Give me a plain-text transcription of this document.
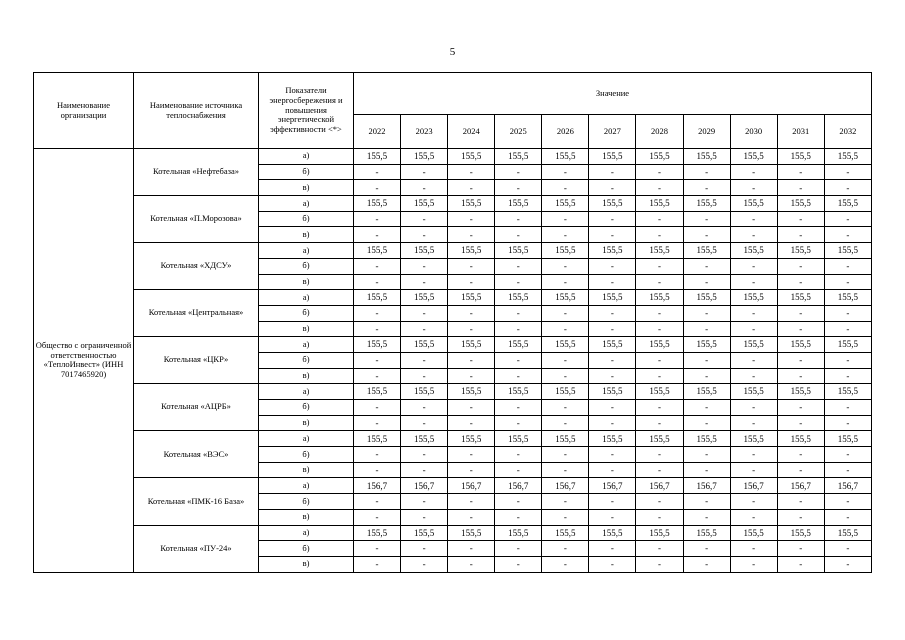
5
Наименование организации	Наименование источника теплоснабжения	Показатели энергосбережения и повышения энергетической эффективности <*>	Значение										
			2022	2023	2024	2025	2026	2027	2028	2029	2030	2031	2032
Общество с ограниченной ответственностью «ТеплоИнвест» (ИНН 7017465920)	Котельная «Нефтебаза»	а)	155,5	155,5	155,5	155,5	155,5	155,5	155,5	155,5	155,5	155,5	155,5
		б)	-	-	-	-	-	-	-	-	-	-	-
		в)	-	-	-	-	-	-	-	-	-	-	-
	Котельная «П.Морозова»	а)	155,5	155,5	155,5	155,5	155,5	155,5	155,5	155,5	155,5	155,5	155,5
		б)	-	-	-	-	-	-	-	-	-	-	-
		в)	-	-	-	-	-	-	-	-	-	-	-
	Котельная «ХДСУ»	а)	155,5	155,5	155,5	155,5	155,5	155,5	155,5	155,5	155,5	155,5	155,5
		б)	-	-	-	-	-	-	-	-	-	-	-
		в)	-	-	-	-	-	-	-	-	-	-	-
	Котельная «Центральная»	а)	155,5	155,5	155,5	155,5	155,5	155,5	155,5	155,5	155,5	155,5	155,5
		б)	-	-	-	-	-	-	-	-	-	-	-
		в)	-	-	-	-	-	-	-	-	-	-	-
	Котельная «ЦКР»	а)	155,5	155,5	155,5	155,5	155,5	155,5	155,5	155,5	155,5	155,5	155,5
		б)	-	-	-	-	-	-	-	-	-	-	-
		в)	-	-	-	-	-	-	-	-	-	-	-
	Котельная «АЦРБ»	а)	155,5	155,5	155,5	155,5	155,5	155,5	155,5	155,5	155,5	155,5	155,5
		б)	-	-	-	-	-	-	-	-	-	-	-
		в)	-	-	-	-	-	-	-	-	-	-	-
	Котельная «ВЭС»	а)	155,5	155,5	155,5	155,5	155,5	155,5	155,5	155,5	155,5	155,5	155,5
		б)	-	-	-	-	-	-	-	-	-	-	-
		в)	-	-	-	-	-	-	-	-	-	-	-
	Котельная «ПМК-16 База»	а)	156,7	156,7	156,7	156,7	156,7	156,7	156,7	156,7	156,7	156,7	156,7
		б)	-	-	-	-	-	-	-	-	-	-	-
		в)	-	-	-	-	-	-	-	-	-	-	-
	Котельная «ПУ-24»	а)	155,5	155,5	155,5	155,5	155,5	155,5	155,5	155,5	155,5	155,5	155,5
		б)	-	-	-	-	-	-	-	-	-	-	-
		в)	-	-	-	-	-	-	-	-	-	-	-
